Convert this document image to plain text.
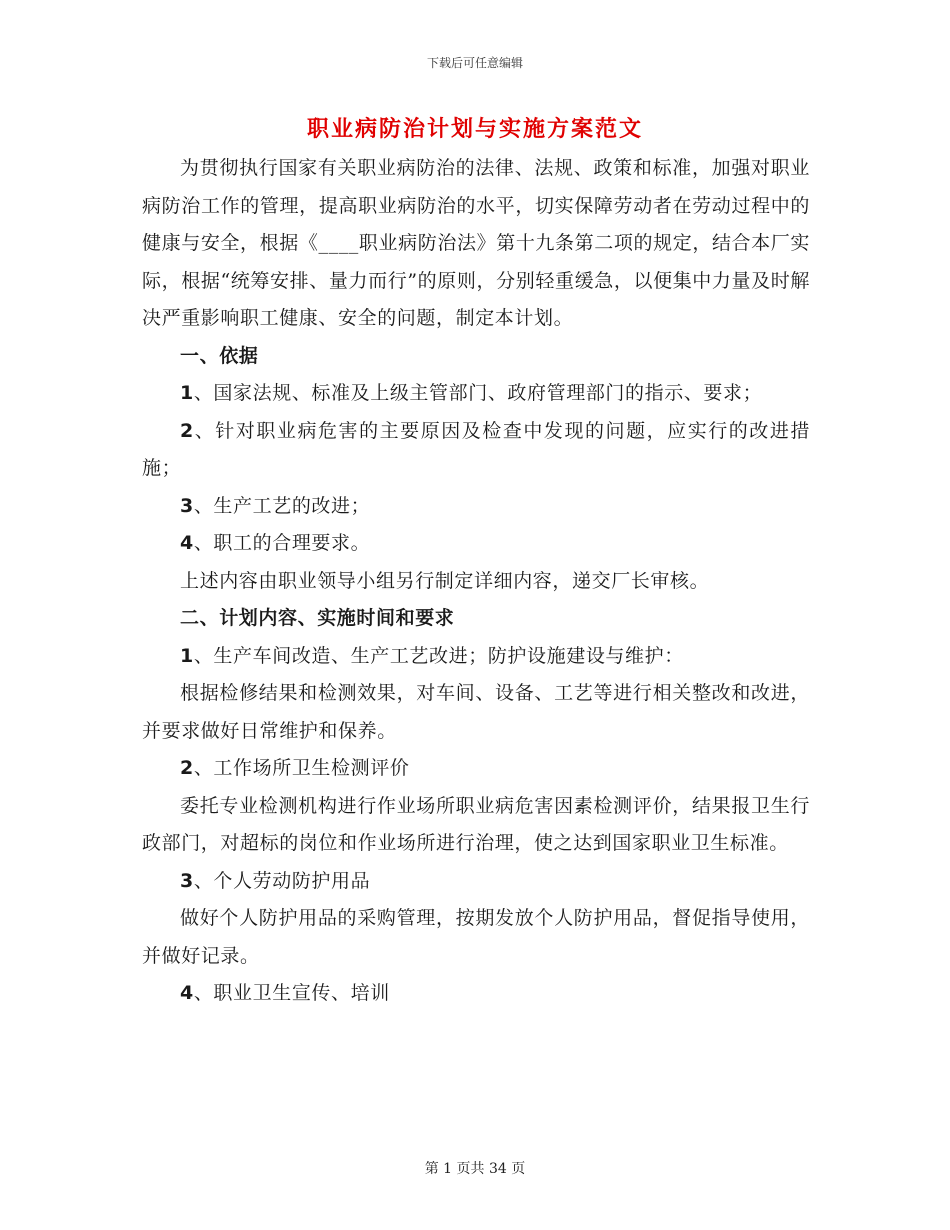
下载后可任意编辑
职业病防治计划与实施方案范文

为贯彻执行国家有关职业病防治的法律、法规、政策和标准，加强对职业病防治工作的管理，提高职业病防治的水平，切实保障劳动者在劳动过程中的健康与安全，根据《____职业病防治法》第十九条第二项的规定，结合本厂实际，根据“统筹安排、量力而行”的原则，分别轻重缓急，以便集中力量及时解决严重影响职工健康、安全的问题，制定本计划。

一、依据

1、国家法规、标准及上级主管部门、政府管理部门的指示、要求；

2、针对职业病危害的主要原因及检查中发现的问题，应实行的改进措施；

3、生产工艺的改进；

4、职工的合理要求。

上述内容由职业领导小组另行制定详细内容，递交厂长审核。

二、计划内容、实施时间和要求

1、生产车间改造、生产工艺改进；防护设施建设与维护：

根据检修结果和检测效果，对车间、设备、工艺等进行相关整改和改进，并要求做好日常维护和保养。

2、工作场所卫生检测评价

委托专业检测机构进行作业场所职业病危害因素检测评价，结果报卫生行政部门，对超标的岗位和作业场所进行治理，使之达到国家职业卫生标准。

3、个人劳动防护用品

做好个人防护用品的采购管理，按期发放个人防护用品，督促指导使用，并做好记录。

4、职业卫生宣传、培训

第 1 页共 34 页
